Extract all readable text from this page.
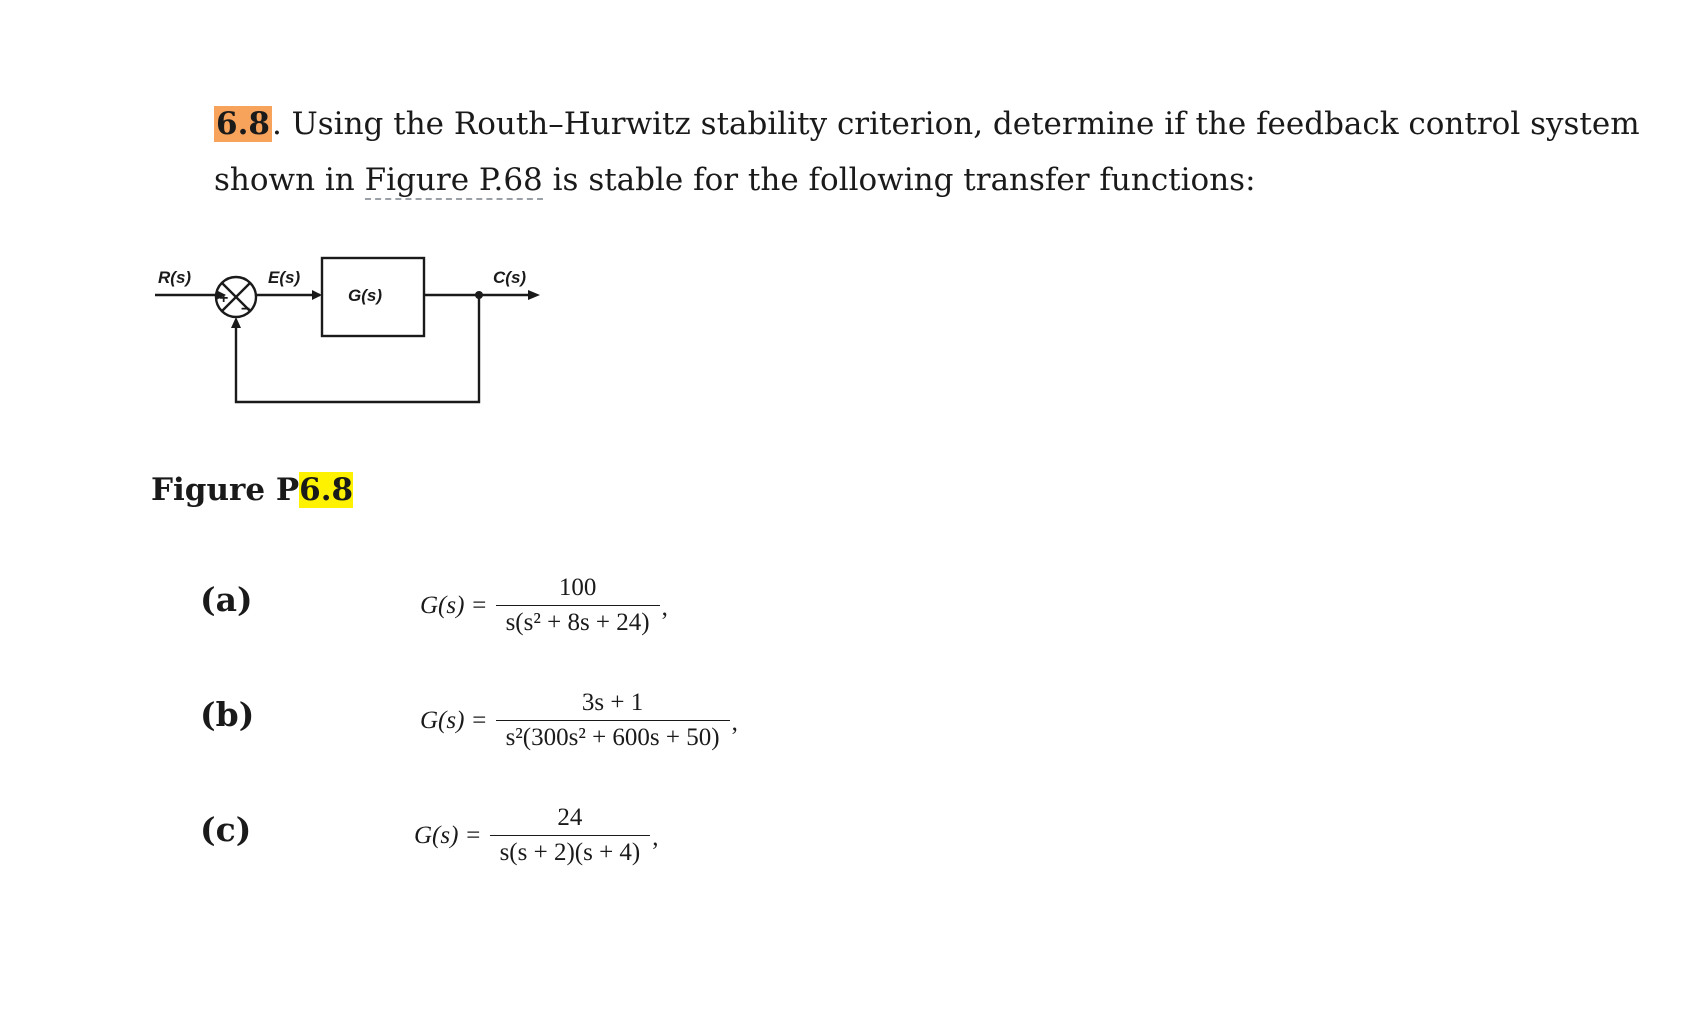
6.8. Using the Routh–Hurwitz stability criterion, determine if the feedback control system shown in Figure P.68 is stable for the following transfer functions:

R(s)	E(s)
G(s)
C(s)
+
−
Figure P6.8
(a)	$G(s) = \frac{100}{\text{s(s² + 8s + 24)}}$ ,
(b)	$G(s) = \frac{3s + 1}{\text{s²(300s² + 600s + 50)}}$ ,
(c)	$G(s) = \frac{24}{s(s + 2)(s + 4)}$ ,
